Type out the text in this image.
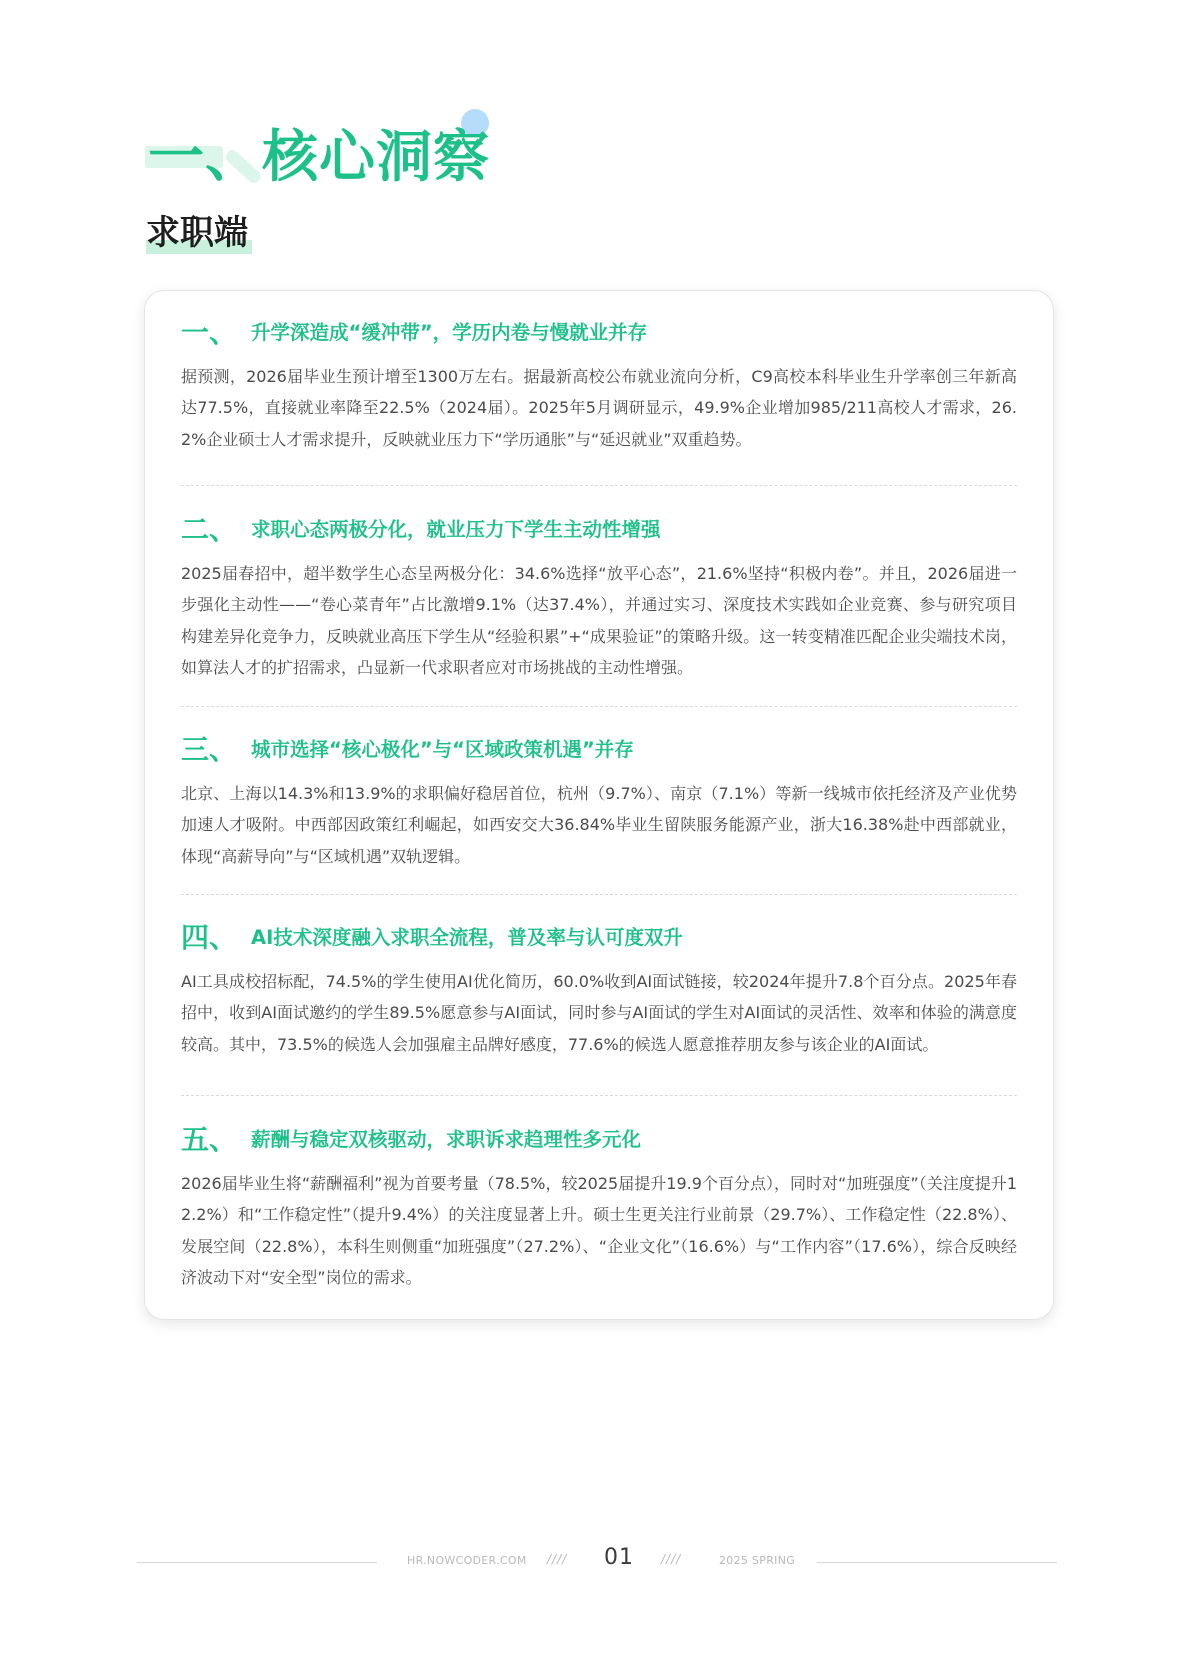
一、核心洞察
求职端
一、 升学深造成“缓冲带”，学历内卷与慢就业并存

据预测，2026届毕业生预计增至1300万左右。据最新高校公布就业流向分析，C9高校本科毕业生升学率创三年新高达77.5%，直接就业率降至22.5%（2024届）。2025年5月调研显示，49.9%企业增加985/211高校人才需求，26.2%企业硕士人才需求提升，反映就业压力下“学历通胀”与“延迟就业”双重趋势。

二、 求职心态两极分化，就业压力下学生主动性增强

2025届春招中，超半数学生心态呈两极分化：34.6%选择“放平心态”，21.6%坚持“积极内卷”。并且，2026届进一步强化主动性——“卷心菜青年”占比激增9.1%（达37.4%），并通过实习、深度技术实践如企业竞赛、参与研究项目构建差异化竞争力，反映就业高压下学生从“经验积累”+“成果验证”的策略升级。这一转变精准匹配企业尖端技术岗，如算法人才的扩招需求，凸显新一代求职者应对市场挑战的主动性增强。

三、 城市选择“核心极化”与“区域政策机遇”并存

北京、上海以14.3%和13.9%的求职偏好稳居首位，杭州（9.7%）、南京（7.1%）等新一线城市依托经济及产业优势加速人才吸附。中西部因政策红利崛起，如西安交大36.84%毕业生留陕服务能源产业，浙大16.38%赴中西部就业，体现“高薪导向”与“区域机遇”双轨逻辑。

四、 AI技术深度融入求职全流程，普及率与认可度双升

AI工具成校招标配，74.5%的学生使用AI优化简历，60.0%收到AI面试链接，较2024年提升7.8个百分点。2025年春招中，收到AI面试邀约的学生89.5%愿意参与AI面试，同时参与AI面试的学生对AI面试的灵活性、效率和体验的满意度较高。其中，73.5%的候选人会加强雇主品牌好感度，77.6%的候选人愿意推荐朋友参与该企业的AI面试。

五、 薪酬与稳定双核驱动，求职诉求趋理性多元化

2026届毕业生将“薪酬福利”视为首要考量（78.5%，较2025届提升19.9个百分点），同时对“加班强度”（关注度提升12.2%）和“工作稳定性”（提升9.4%）的关注度显著上升。硕士生更关注行业前景（29.7%）、工作稳定性（22.8%）、发展空间（22.8%），本科生则侧重“加班强度”（27.2%）、“企业文化”（16.6%）与“工作内容”（17.6%），综合反映经济波动下对“安全型”岗位的需求。

HR.NOWCODER.COM //// 01 ////	2025 SPRING
